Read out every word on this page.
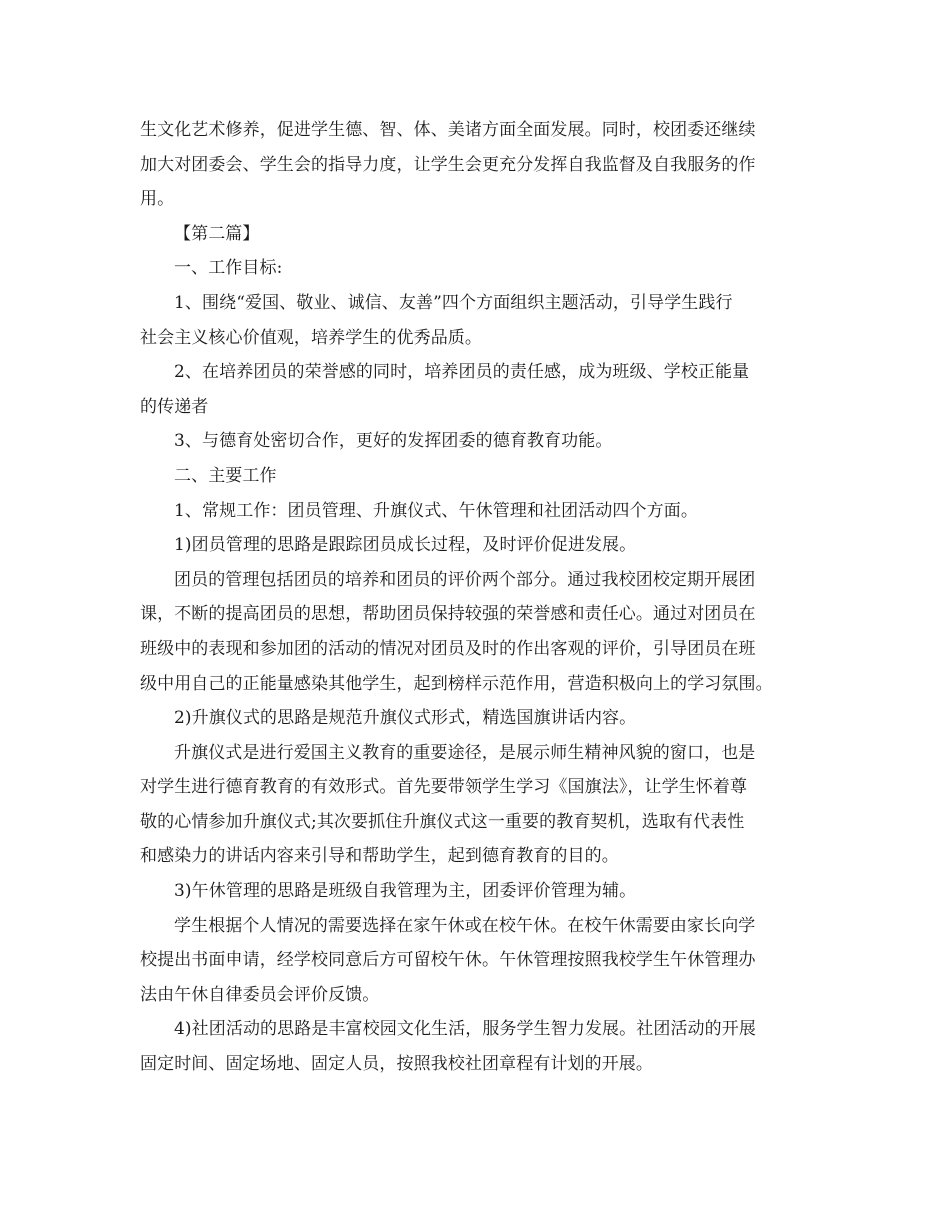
生文化艺术修养，促进学生德、智、体、美诸方面全面发展。同时，校团委还继续
加大对团委会、学生会的指导力度，让学生会更充分发挥自我监督及自我服务的作
用。
【第二篇】
一、工作目标:
1、围绕“爱国、敬业、诚信、友善”四个方面组织主题活动，引导学生践行
社会主义核心价值观，培养学生的优秀品质。
2、在培养团员的荣誉感的同时，培养团员的责任感，成为班级、学校正能量
的传递者
3、与德育处密切合作，更好的发挥团委的德育教育功能。
二、主要工作
1、常规工作：团员管理、升旗仪式、午休管理和社团活动四个方面。
1)团员管理的思路是跟踪团员成长过程，及时评价促进发展。
团员的管理包括团员的培养和团员的评价两个部分。通过我校团校定期开展团
课，不断的提高团员的思想，帮助团员保持较强的荣誉感和责任心。通过对团员在
班级中的表现和参加团的活动的情况对团员及时的作出客观的评价，引导团员在班
级中用自己的正能量感染其他学生，起到榜样示范作用，营造积极向上的学习氛围。
2)升旗仪式的思路是规范升旗仪式形式，精选国旗讲话内容。
升旗仪式是进行爱国主义教育的重要途径，是展示师生精神风貌的窗口，也是
对学生进行德育教育的有效形式。首先要带领学生学习《国旗法》，让学生怀着尊
敬的心情参加升旗仪式;其次要抓住升旗仪式这一重要的教育契机，选取有代表性
和感染力的讲话内容来引导和帮助学生，起到德育教育的目的。
3)午休管理的思路是班级自我管理为主，团委评价管理为辅。
学生根据个人情况的需要选择在家午休或在校午休。在校午休需要由家长向学
校提出书面申请，经学校同意后方可留校午休。午休管理按照我校学生午休管理办
法由午休自律委员会评价反馈。
4)社团活动的思路是丰富校园文化生活，服务学生智力发展。社团活动的开展
固定时间、固定场地、固定人员，按照我校社团章程有计划的开展。
